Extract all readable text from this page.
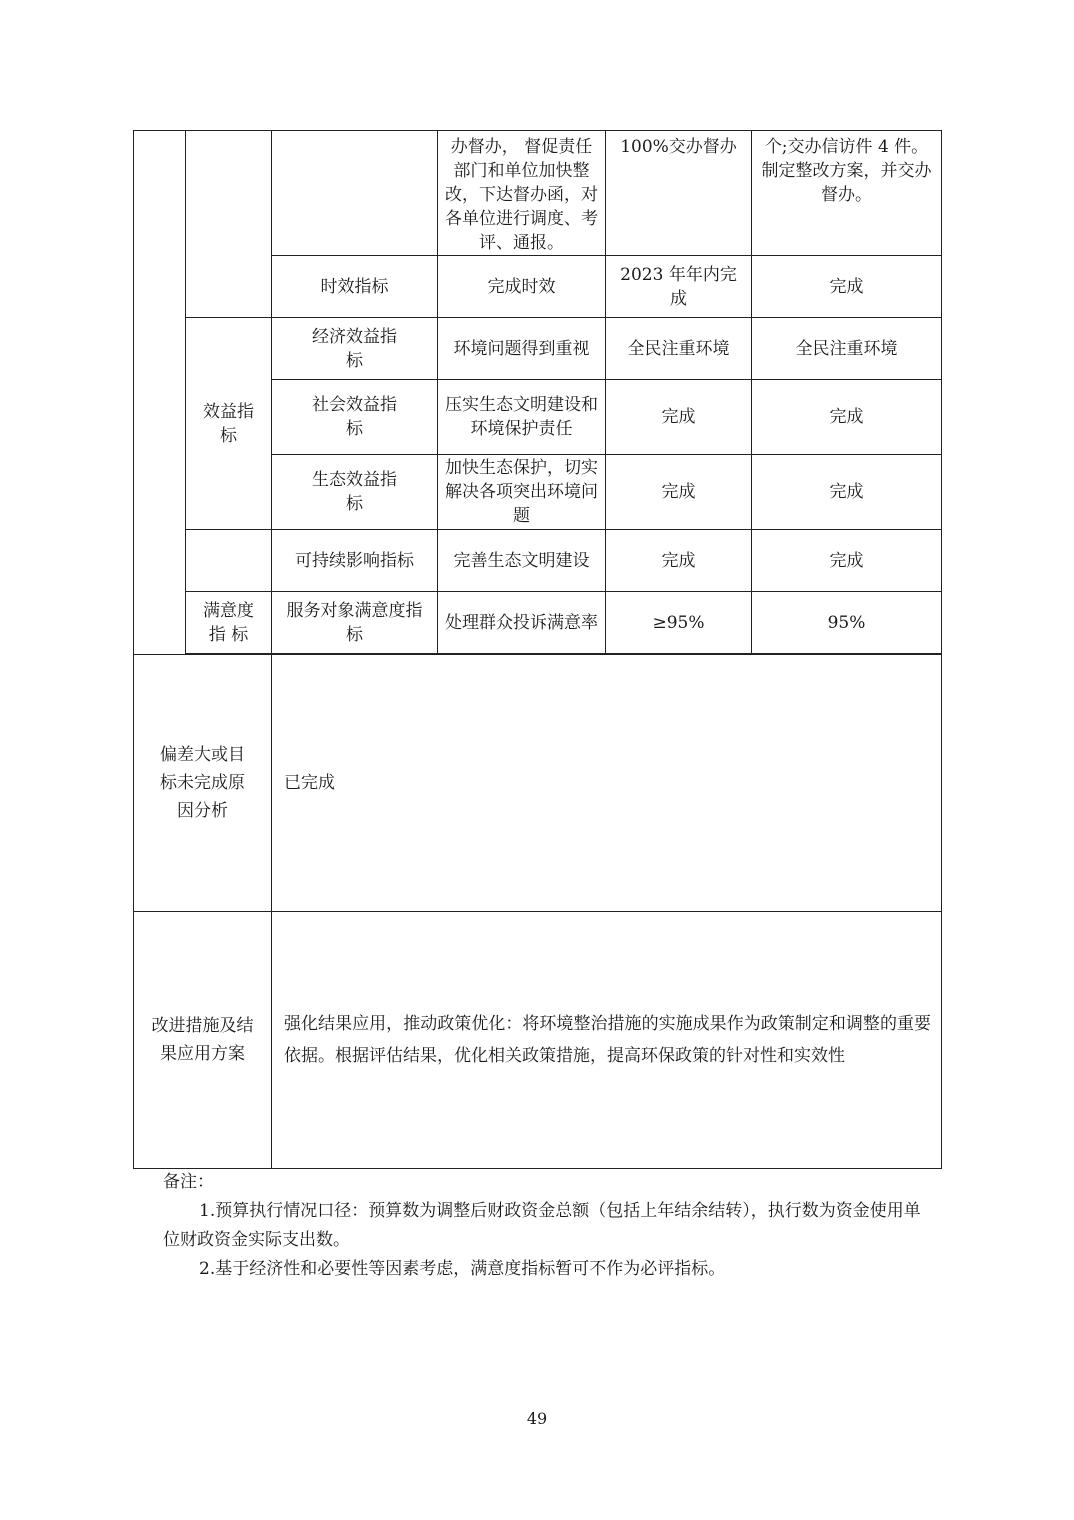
			办督办， 督促责任部门和单位加快整改，下达督办函，对各单位进行调度、考评、通报。	100%交办督办	个;交办信访件 4 件。制定整改方案，并交办督办。
		时效指标	完成时效	2023 年年内完成	完成
	效益指标	经济效益指标	环境问题得到重视	全民注重环境	全民注重环境
		社会效益指标	压实生态文明建设和环境保护责任	完成	完成
		生态效益指标	加快生态保护，切实解决各项突出环境问题	完成	完成
		可持续影响指标	完善生态文明建设	完成	完成
	满意度指 标	服务对象满意度指标	处理群众投诉满意率	≥95%	95%

偏差大或目标未完成原因分析		已完成			
改进措施及结果应用方案		强化结果应用，推动政策优化：将环境整治措施的实施成果作为政策制定和调整的重要依据。根据评估结果，优化相关政策措施，提高环保政策的针对性和实效性			

备注：

1.预算执行情况口径：预算数为调整后财政资金总额（包括上年结余结转），执行数为资金使用单位财政资金实际支出数。

2.基于经济性和必要性等因素考虑，满意度指标暂可不作为必评指标。

49
